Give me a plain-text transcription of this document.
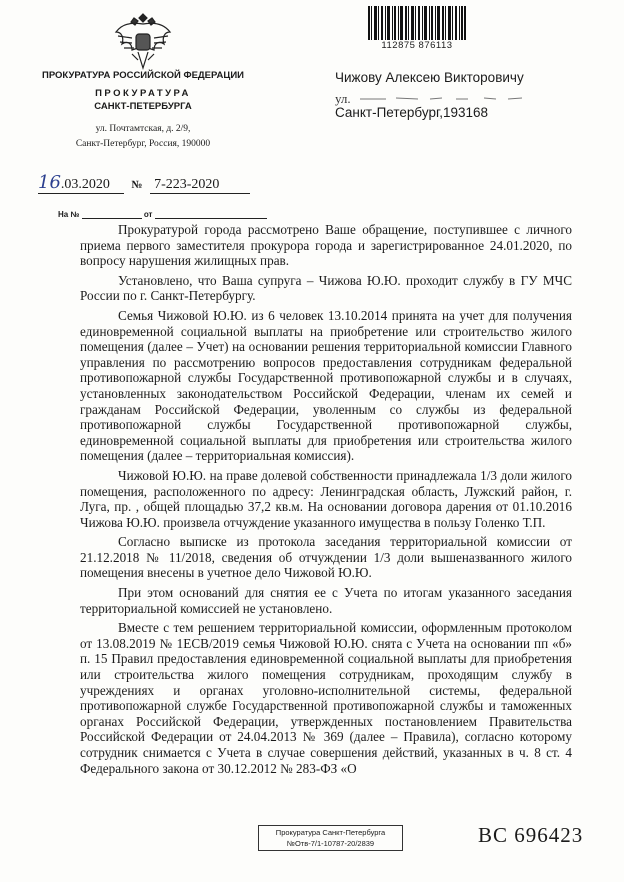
ПРОКУРАТУРА РОССИЙСКОЙ ФЕДЕРАЦИИ
ПРОКУРАТУРА
САНКТ-ПЕТЕРБУРГА
ул. Почтамтская, д. 2/9,
Санкт-Петербург, Россия, 190000
16.03.2020 № 7-223-2020
На №	от
112875 876113
Чижову Алексею Викторовичу
ул.
Санкт-Петербург,193168

Прокуратурой города рассмотрено Ваше обращение, поступившее с личного приема первого заместителя прокурора города и зарегистрированное 24.01.2020, по вопросу нарушения жилищных прав.

Установлено, что Ваша супруга – Чижова Ю.Ю. проходит службу в ГУ МЧС России по г. Санкт-Петербургу.

Семья Чижовой Ю.Ю. из 6 человек 13.10.2014 принята на учет для получения единовременной социальной выплаты на приобретение или строительство жилого помещения (далее – Учет) на основании решения территориальной комиссии Главного управления по рассмотрению вопросов предоставления сотрудникам федеральной противопожарной службы Государственной противопожарной службы и в случаях, установленных законодательством Российской Федерации, членам их семей и гражданам Российской Федерации, уволенным со службы из федеральной противопожарной службы Государственной противопожарной службы, единовременной социальной выплаты для приобретения или строительства жилого помещения (далее – территориальная комиссия).

Чижовой Ю.Ю. на праве долевой собственности принадлежала 1/3 доли жилого помещения, расположенного по адресу: Ленинградская область, Лужский район, г. Луга, пр. , общей площадью 37,2 кв.м. На основании договора дарения от 01.10.2016 Чижова Ю.Ю. произвела отчуждение указанного имущества в пользу Голенко Т.П.

Согласно выписке из протокола заседания территориальной комиссии от 21.12.2018 № 11/2018, сведения об отчуждении 1/3 доли вышеназванного жилого помещения внесены в учетное дело Чижовой Ю.Ю.

При этом оснований для снятия ее с Учета по итогам указанного заседания территориальной комиссией не установлено.

Вместе с тем решением территориальной комиссии, оформленным протоколом от 13.08.2019 № 1ЕСВ/2019 семья Чижовой Ю.Ю. снята с Учета на основании пп «б» п. 15 Правил предоставления единовременной социальной выплаты для приобретения или строительства жилого помещения сотрудникам, проходящим службу в учреждениях и органах уголовно-исполнительной системы, федеральной противопожарной службе Государственной противопожарной службы и таможенных органах Российской Федерации, утвержденных постановлением Правительства Российской Федерации от 24.04.2013 № 369 (далее – Правила), согласно которому сотрудник снимается с Учета в случае совершения действий, указанных в ч. 8 ст. 4 Федерального закона от 30.12.2012 № 283-ФЗ «О

Прокуратура Санкт-Петербурга
№Отв-7/1-10787-20/2839	ВС 696423
